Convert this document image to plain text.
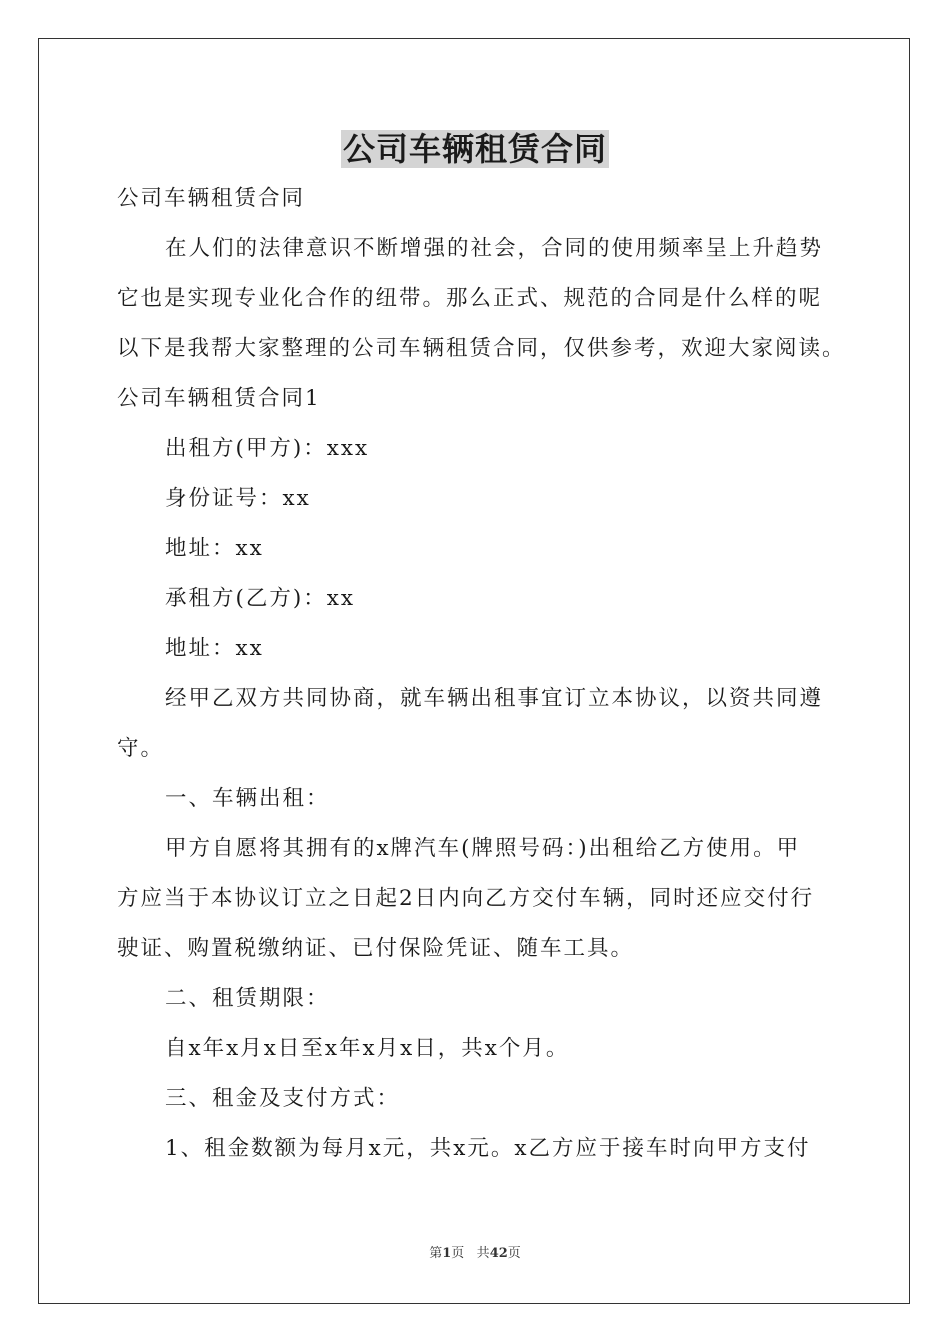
公司车辆租赁合同
公司车辆租赁合同
在人们的法律意识不断增强的社会，合同的使用频率呈上升趋势
它也是实现专业化合作的纽带。那么正式、规范的合同是什么样的呢
以下是我帮大家整理的公司车辆租赁合同，仅供参考，欢迎大家阅读。
公司车辆租赁合同1
出租方(甲方)：xxx
身份证号：xx
地址：xx
承租方(乙方)：xx
地址：xx
经甲乙双方共同协商，就车辆出租事宜订立本协议，以资共同遵
守。
一、车辆出租：
甲方自愿将其拥有的x牌汽车(牌照号码：)出租给乙方使用。甲
方应当于本协议订立之日起2日内向乙方交付车辆，同时还应交付行
驶证、购置税缴纳证、已付保险凭证、随车工具。
二、租赁期限：
自x年x月x日至x年x月x日，共x个月。
三、租金及支付方式：
1、租金数额为每月x元，共x元。x乙方应于接车时向甲方支付
第1页 共42页
